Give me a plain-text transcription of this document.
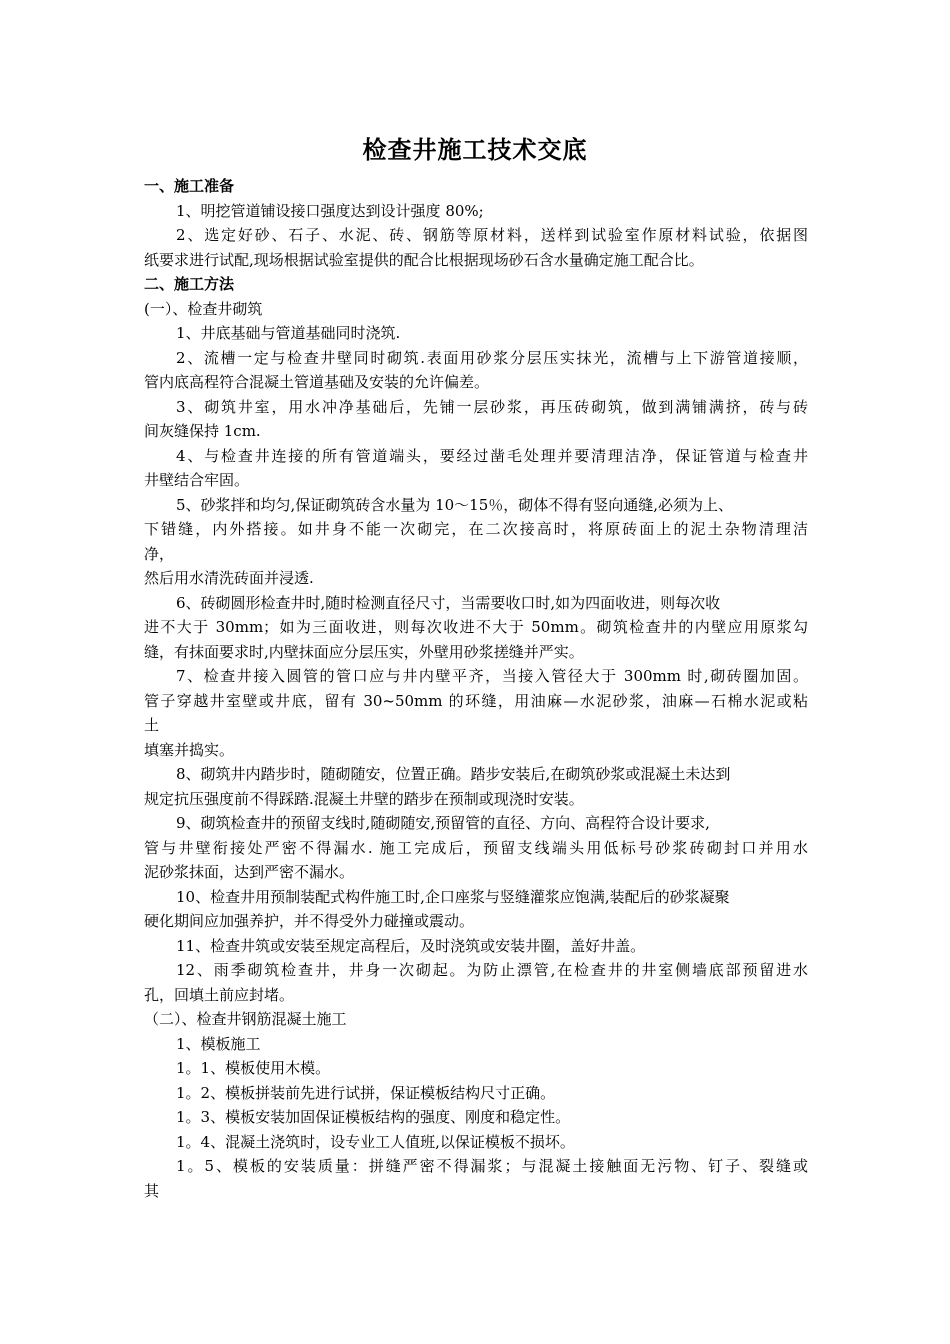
检查井施工技术交底
一、施工准备
1、明挖管道铺设接口强度达到设计强度 80%;
2、选定好砂、石子、水泥、砖、钢筋等原材料，送样到试验室作原材料试验，依据图
纸要求进行试配,现场根据试验室提供的配合比根据现场砂石含水量确定施工配合比。
二、施工方法
(一）、检查井砌筑
1、井底基础与管道基础同时浇筑.
2、流槽一定与检查井壁同时砌筑.表面用砂浆分层压实抹光，流槽与上下游管道接顺，
管内底高程符合混凝土管道基础及安装的允许偏差。
3、砌筑井室，用水冲净基础后，先铺一层砂浆，再压砖砌筑，做到满铺满挤，砖与砖
间灰缝保持 1cm.
4、与检查井连接的所有管道端头，要经过凿毛处理并要清理洁净，保证管道与检查井
井壁结合牢固。
5、砂浆拌和均匀,保证砌筑砖含水量为 10～15％，砌体不得有竖向通缝,必须为上、
下错缝，内外搭接。如井身不能一次砌完，在二次接高时，将原砖面上的泥土杂物清理洁
净，
然后用水清洗砖面并浸透.
6、砖砌圆形检查井时,随时检测直径尺寸，当需要收口时,如为四面收进，则每次收
进不大于 30mm；如为三面收进，则每次收进不大于 50mm。砌筑检查井的内壁应用原浆勾
缝，有抹面要求时,内壁抹面应分层压实，外壁用砂浆搓缝并严实。
7、检查井接入圆管的管口应与井内壁平齐，当接入管径大于 300mm 时,砌砖圈加固。
管子穿越井室壁或井底，留有 30~50mm 的环缝，用油麻—水泥砂浆，油麻—石棉水泥或粘
土
填塞并捣实。
8、砌筑井内踏步时，随砌随安，位置正确。踏步安装后,在砌筑砂浆或混凝土未达到
规定抗压强度前不得踩踏.混凝土井壁的踏步在预制或现浇时安装。
9、砌筑检查井的预留支线时,随砌随安,预留管的直径、方向、高程符合设计要求,
管与井壁衔接处严密不得漏水. 施工完成后，预留支线端头用低标号砂浆砖砌封口并用水
泥砂浆抹面，达到严密不漏水。
10、检查井用预制装配式构件施工时,企口座浆与竖缝灌浆应饱满,装配后的砂浆凝聚
硬化期间应加强养护，并不得受外力碰撞或震动。
11、检查井筑或安装至规定高程后，及时浇筑或安装井圈，盖好井盖。
12、雨季砌筑检查井，井身一次砌起。为防止漂管,在检查井的井室侧墙底部预留进水
孔，回填土前应封堵。
（二）、检查井钢筋混凝土施工
1、模板施工
1。1、模板使用木模。
1。2、模板拼装前先进行试拼，保证模板结构尺寸正确。
1。3、模板安装加固保证模板结构的强度、刚度和稳定性。
1。4、混凝土浇筑时，设专业工人值班,以保证模板不损坏。
1。5、模板的安装质量：拼缝严密不得漏浆；与混凝土接触面无污物、钉子、裂缝或
其
